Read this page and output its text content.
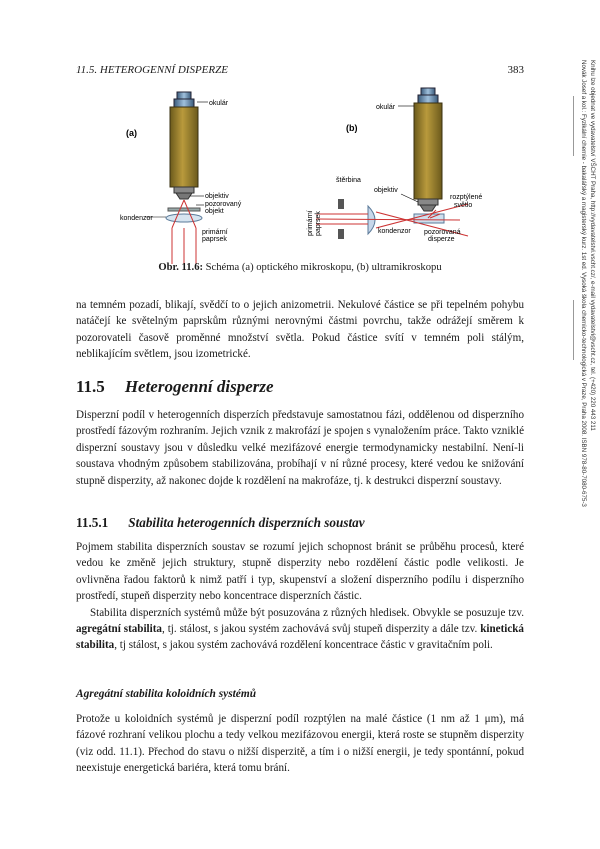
11.5. HETEROGENNÍ DISPERZE	383
(a)
okulár
objektiv
pozorovaný
objekt
kondenzor
primární
paprsek
(b)
okulár
štěrbina
objektiv
rozptýlené
světlo
kondenzor pozorovaná
disperze
primární paprsek
Obr. 11.6: Schéma (a) optického mikroskopu, (b) ultramikroskopu

na temném pozadí, blikají, svědčí to o jejich anizometrii. Nekulové částice se při tepelném pohybu natáčejí ke světelným paprskům různými nerovnými částmi povrchu, takže odrážejí směrem k pozorovateli časově proměnné množství světla. Pokud částice svítí v temném poli stálým, neblikajícím světlem, jsou izometrické.

11.5 Heterogenní disperze

Disperzní podíl v heterogenních disperzích představuje samostatnou fázi, oddělenou od disperzního prostředí fázovým rozhraním. Jejich vznik z makrofází je spojen s vynaložením práce. Takto vzniklé disperzní soustavy jsou v důsledku velké mezifázové energie termodynamicky nestabilní. Není-li soustava vhodným způsobem stabilizována, probíhají v ní různé procesy, které vedou ke snižování stupně disperzity, až nakonec dojde k rozdělení na makrofáze, tj. k destrukci disperzní soustavy.

11.5.1 Stabilita heterogenních disperzních soustav

Pojmem stabilita disperzních soustav se rozumí jejich schopnost bránit se průběhu procesů, které vedou ke změně jejich struktury, stupně disperzity nebo rozdělení částic podle velikosti. Je ovlivněna řadou faktorů k nimž patří i typ, skupenství a složení disperzního podílu i disperzního prostředí, stupeň disperzity nebo koncentrace disperzních částic.

Stabilita disperzních systémů může být posuzována z různých hledisek. Obvykle se posuzuje tzv. agregátní stabilita, tj. stálost, s jakou systém zachovává svůj stupeň disperzity a dále tzv. kinetická stabilita, tj stálost, s jakou systém zachovává rozdělení koncentrace částic v gravitačním poli.

Agregátní stabilita koloidních systémů

Protože u koloidních systémů je disperzní podíl rozptýlen na malé částice (1 nm až 1 μm), má fázové rozhraní velikou plochu a tedy velkou mezifázovou energii, která roste se stupněm disperzity (viz odd. 11.1). Přechod do stavu o nižší disperzitě, a tím i o nižší energii, je tedy spontánní, pokud neexistuje energetická bariéra, která tomu brání.

Novák Josef a kol.: Fyzikální chemie - bakalářský a magisterský kurz. 1st ed. Vysoká škola chemicko-technologická v Praze, Praha 2008. ISBN 978-80-7080-675-3 Knihu lze objednat ve vydavatelství VŠCHT Praha, http://vydavatelstvi.vscht.cz/, e-mail vydavatelstvi@vscht.cz, tel. (+420) 220 443 211
